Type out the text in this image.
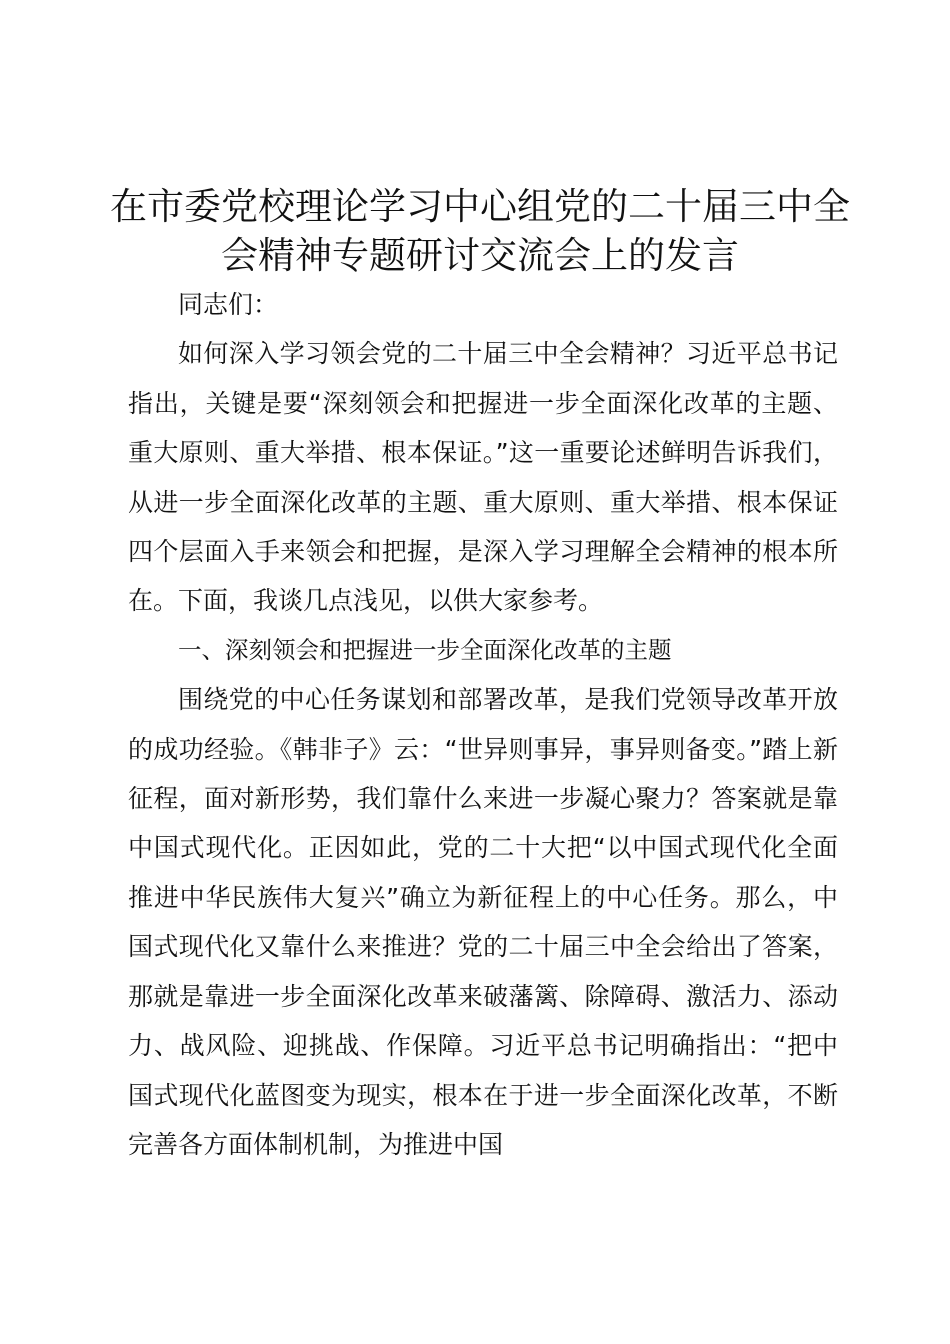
在市委党校理论学习中心组党的二十届三中全
会精神专题研讨交流会上的发言

同志们：

如何深入学习领会党的二十届三中全会精神？习近平总书记指出，关键是要“深刻领会和把握进一步全面深化改革的主题、重大原则、重大举措、根本保证。”这一重要论述鲜明告诉我们，从进一步全面深化改革的主题、重大原则、重大举措、根本保证四个层面入手来领会和把握，是深入学习理解全会精神的根本所在。下面，我谈几点浅见，以供大家参考。

一、深刻领会和把握进一步全面深化改革的主题

围绕党的中心任务谋划和部署改革，是我们党领导改革开放的成功经验。《韩非子》云：“世异则事异，事异则备变。”踏上新征程，面对新形势，我们靠什么来进一步凝心聚力？答案就是靠中国式现代化。正因如此，党的二十大把“以中国式现代化全面推进中华民族伟大复兴”确立为新征程上的中心任务。那么，中国式现代化又靠什么来推进？党的二十届三中全会给出了答案，那就是靠进一步全面深化改革来破藩篱、除障碍、激活力、添动力、战风险、迎挑战、作保障。习近平总书记明确指出：“把中国式现代化蓝图变为现实，根本在于进一步全面深化改革，不断完善各方面体制机制，为推进中国
